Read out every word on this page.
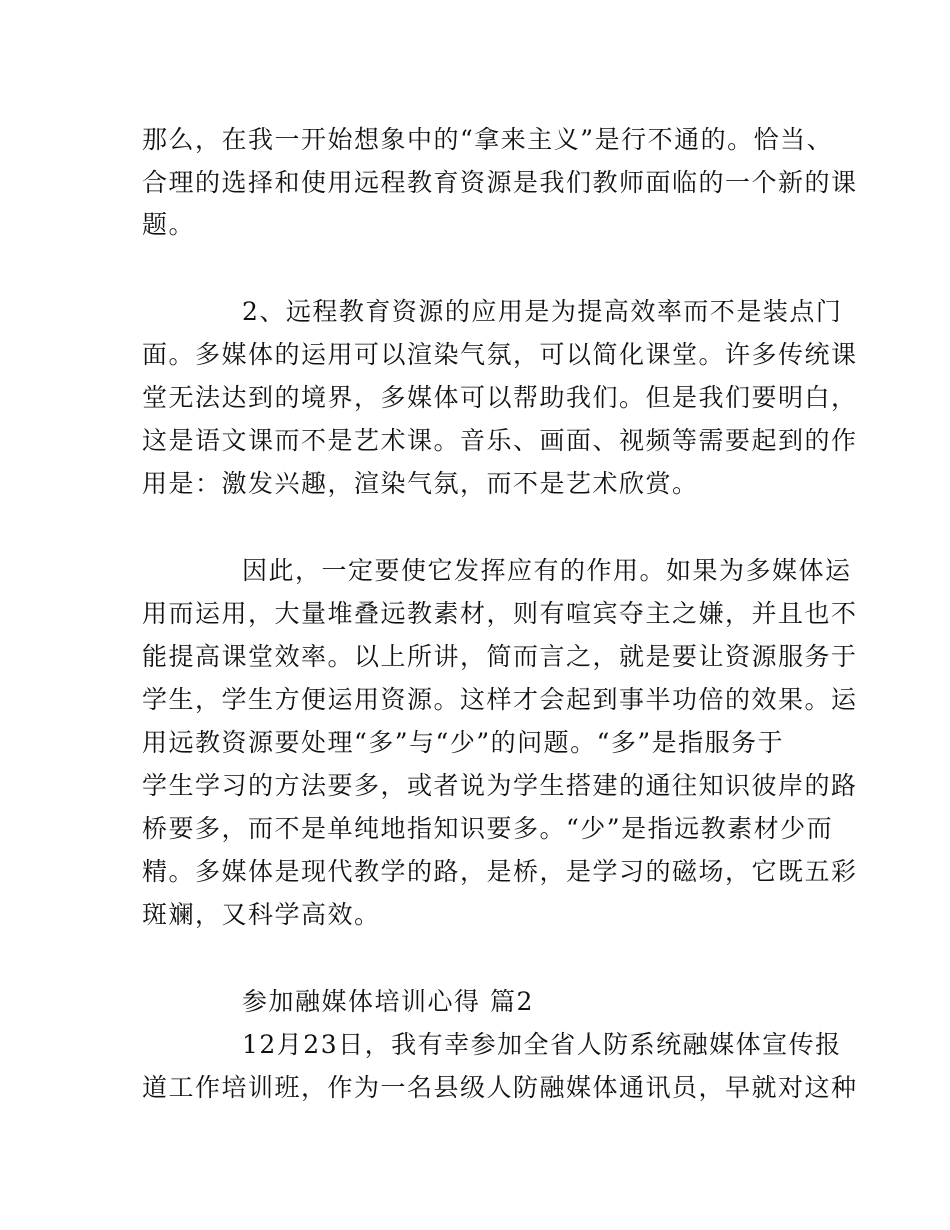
那么，在我一开始想象中的“拿来主义”是行不通的。恰当、
合理的选择和使用远程教育资源是我们教师面临的一个新的课
题。
2、远程教育资源的应用是为提高效率而不是装点门
面。多媒体的运用可以渲染气氛，可以简化课堂。许多传统课
堂无法达到的境界，多媒体可以帮助我们。但是我们要明白，
这是语文课而不是艺术课。音乐、画面、视频等需要起到的作
用是：激发兴趣，渲染气氛，而不是艺术欣赏。
因此，一定要使它发挥应有的作用。如果为多媒体运
用而运用，大量堆叠远教素材，则有喧宾夺主之嫌，并且也不
能提高课堂效率。以上所讲，简而言之，就是要让资源服务于
学生，学生方便运用资源。这样才会起到事半功倍的效果。运
用远教资源要处理“多”与“少”的问题。“多”是指服务于
学生学习的方法要多，或者说为学生搭建的通往知识彼岸的路
桥要多，而不是单纯地指知识要多。“少”是指远教素材少而
精。多媒体是现代教学的路，是桥，是学习的磁场，它既五彩
斑斓，又科学高效。
参加融媒体培训心得 篇2
12月23日，我有幸参加全省人防系统融媒体宣传报
道工作培训班，作为一名县级人防融媒体通讯员，早就对这种
